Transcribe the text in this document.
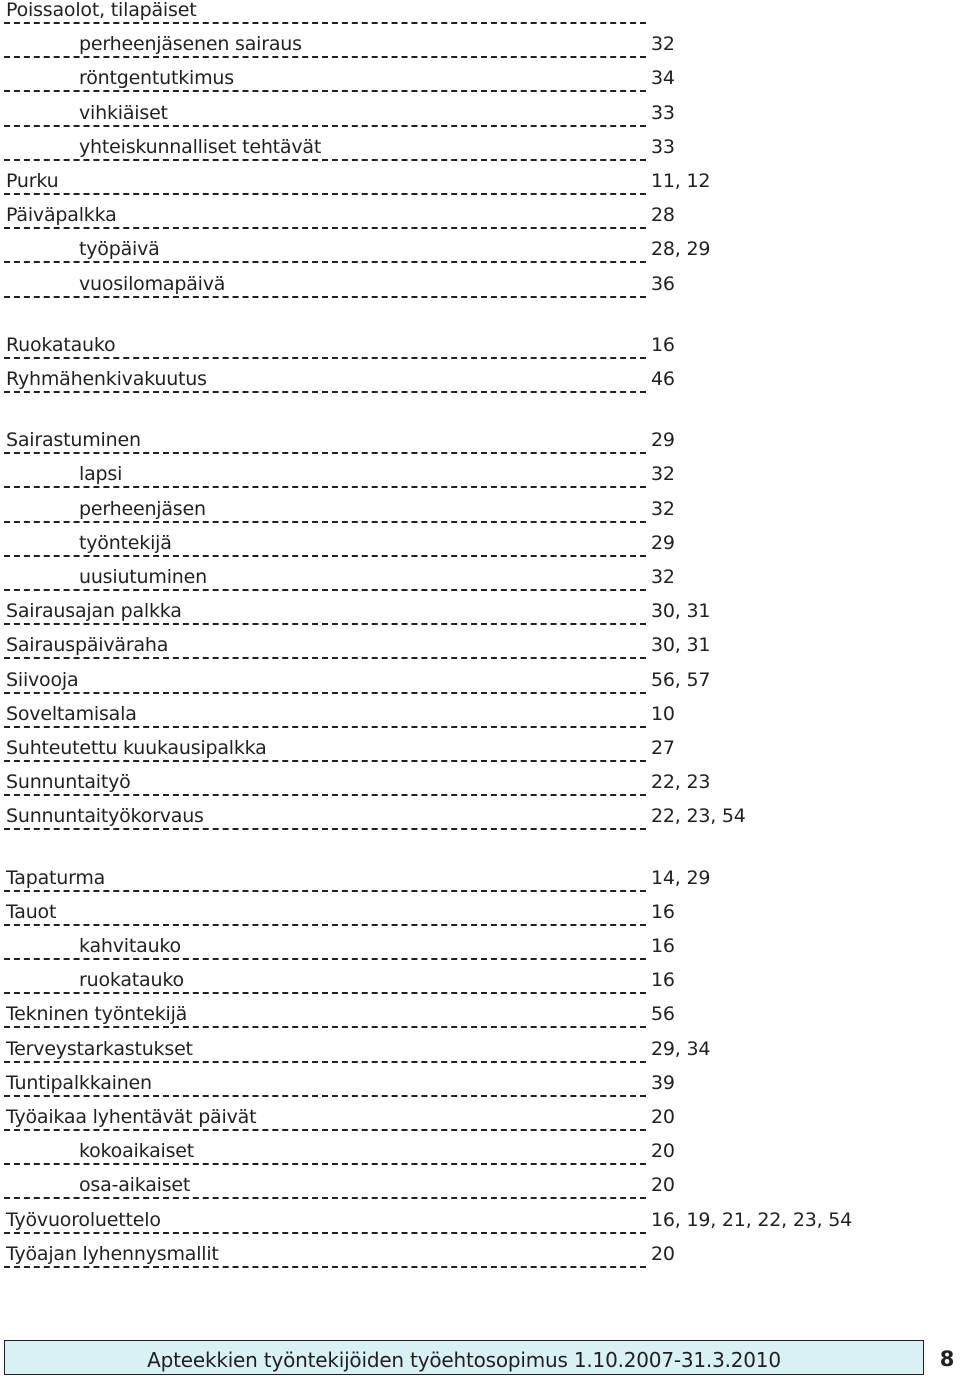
Poissaolot, tilapäiset
perheenjäsenen sairaus	32
röntgentutkimus	34
vihkiäiset	33
yhteiskunnalliset tehtävät	33
Purku	11, 12
Päiväpalkka	28
työpäivä	28, 29
vuosilomapäivä	36
Ruokatauko	16
Ryhmähenkivakuutus	46
Sairastuminen	29
lapsi	32
perheenjäsen	32
työntekijä	29
uusiutuminen	32
Sairausajan palkka	30, 31
Sairauspäiväraha	30, 31
Siivooja	56, 57
Soveltamisala	10
Suhteutettu kuukausipalkka	27
Sunnuntaityö	22, 23
Sunnuntaityökorvaus	22, 23, 54
Tapaturma	14, 29
Tauot	16
kahvitauko	16
ruokatauko	16
Tekninen työntekijä	56
Terveystarkastukset	29, 34
Tuntipalkkainen	39
Työaikaa lyhentävät päivät	20
kokoaikaiset	20
osa-aikaiset	20
Työvuoroluettelo	16, 19, 21, 22, 23, 54
Työajan lyhennysmallit	20
Apteekkien työntekijöiden työehtosopimus 1.10.2007-31.3.2010	8
